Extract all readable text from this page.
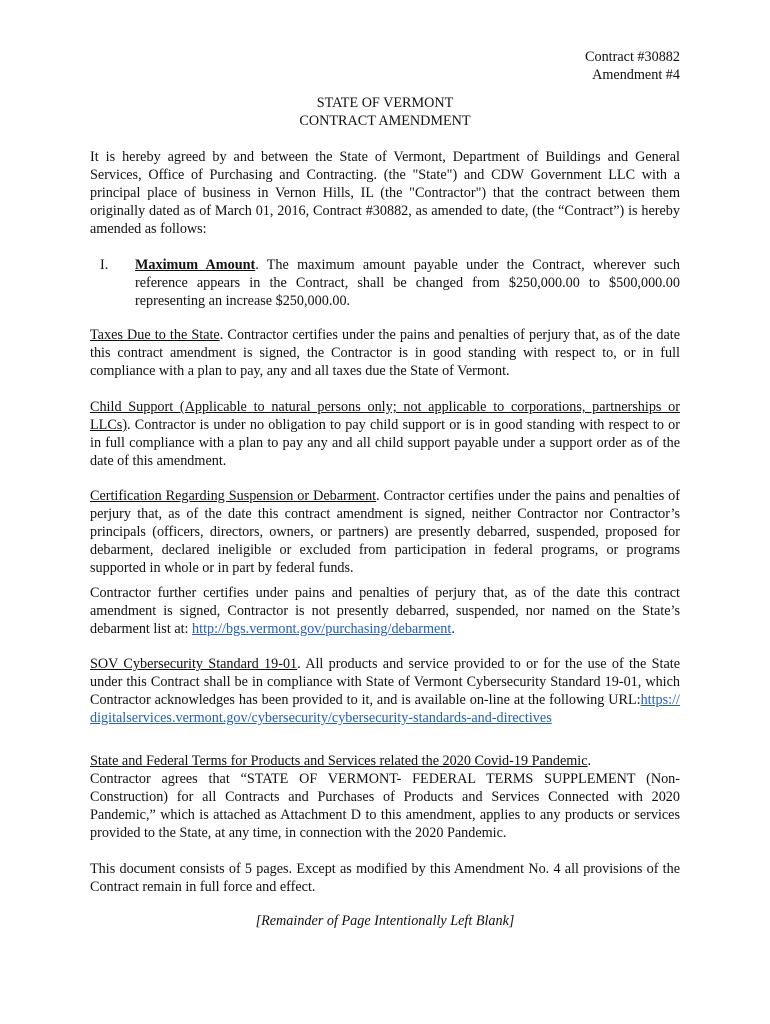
Contract #30882
Amendment #4
STATE OF VERMONT
CONTRACT AMENDMENT

It is hereby agreed by and between the State of Vermont, Department of Buildings and General Services, Office of Purchasing and Contracting. (the "State") and CDW Government LLC with a principal place of business in Vernon Hills, IL (the "Contractor") that the contract between them originally dated as of March 01, 2016, Contract #30882, as amended to date, (the “Contract”) is hereby amended as follows:

I. Maximum Amount. The maximum amount payable under the Contract, wherever such reference appears in the Contract, shall be changed from $250,000.00 to $500,000.00 representing an increase $250,000.00.

Taxes Due to the State. Contractor certifies under the pains and penalties of perjury that, as of the date this contract amendment is signed, the Contractor is in good standing with respect to, or in full compliance with a plan to pay, any and all taxes due the State of Vermont.

Child Support (Applicable to natural persons only; not applicable to corporations, partnerships or LLCs). Contractor is under no obligation to pay child support or is in good standing with respect to or in full compliance with a plan to pay any and all child support payable under a support order as of the date of this amendment.

Certification Regarding Suspension or Debarment. Contractor certifies under the pains and penalties of perjury that, as of the date this contract amendment is signed, neither Contractor nor Contractor’s principals (officers, directors, owners, or partners) are presently debarred, suspended, proposed for debarment, declared ineligible or excluded from participation in federal programs, or programs supported in whole or in part by federal funds.

Contractor further certifies under pains and penalties of perjury that, as of the date this contract amendment is signed, Contractor is not presently debarred, suspended, nor named on the State’s debarment list at: http://bgs.vermont.gov/purchasing/debarment.

SOV Cybersecurity Standard 19-01. All products and service provided to or for the use of the State under this Contract shall be in compliance with State of Vermont Cybersecurity Standard 19-01, which Contractor acknowledges has been provided to it, and is available on-line at the following URL:https://digitalservices.vermont.gov/cybersecurity/cybersecurity-standards-and-directives

State and Federal Terms for Products and Services related the 2020 Covid-19 Pandemic.
Contractor agrees that “STATE OF VERMONT- FEDERAL TERMS SUPPLEMENT (Non-Construction) for all Contracts and Purchases of Products and Services Connected with 2020 Pandemic,” which is attached as Attachment D to this amendment, applies to any products or services provided to the State, at any time, in connection with the 2020 Pandemic.

This document consists of 5 pages. Except as modified by this Amendment No. 4 all provisions of the Contract remain in full force and effect.

[Remainder of Page Intentionally Left Blank]
